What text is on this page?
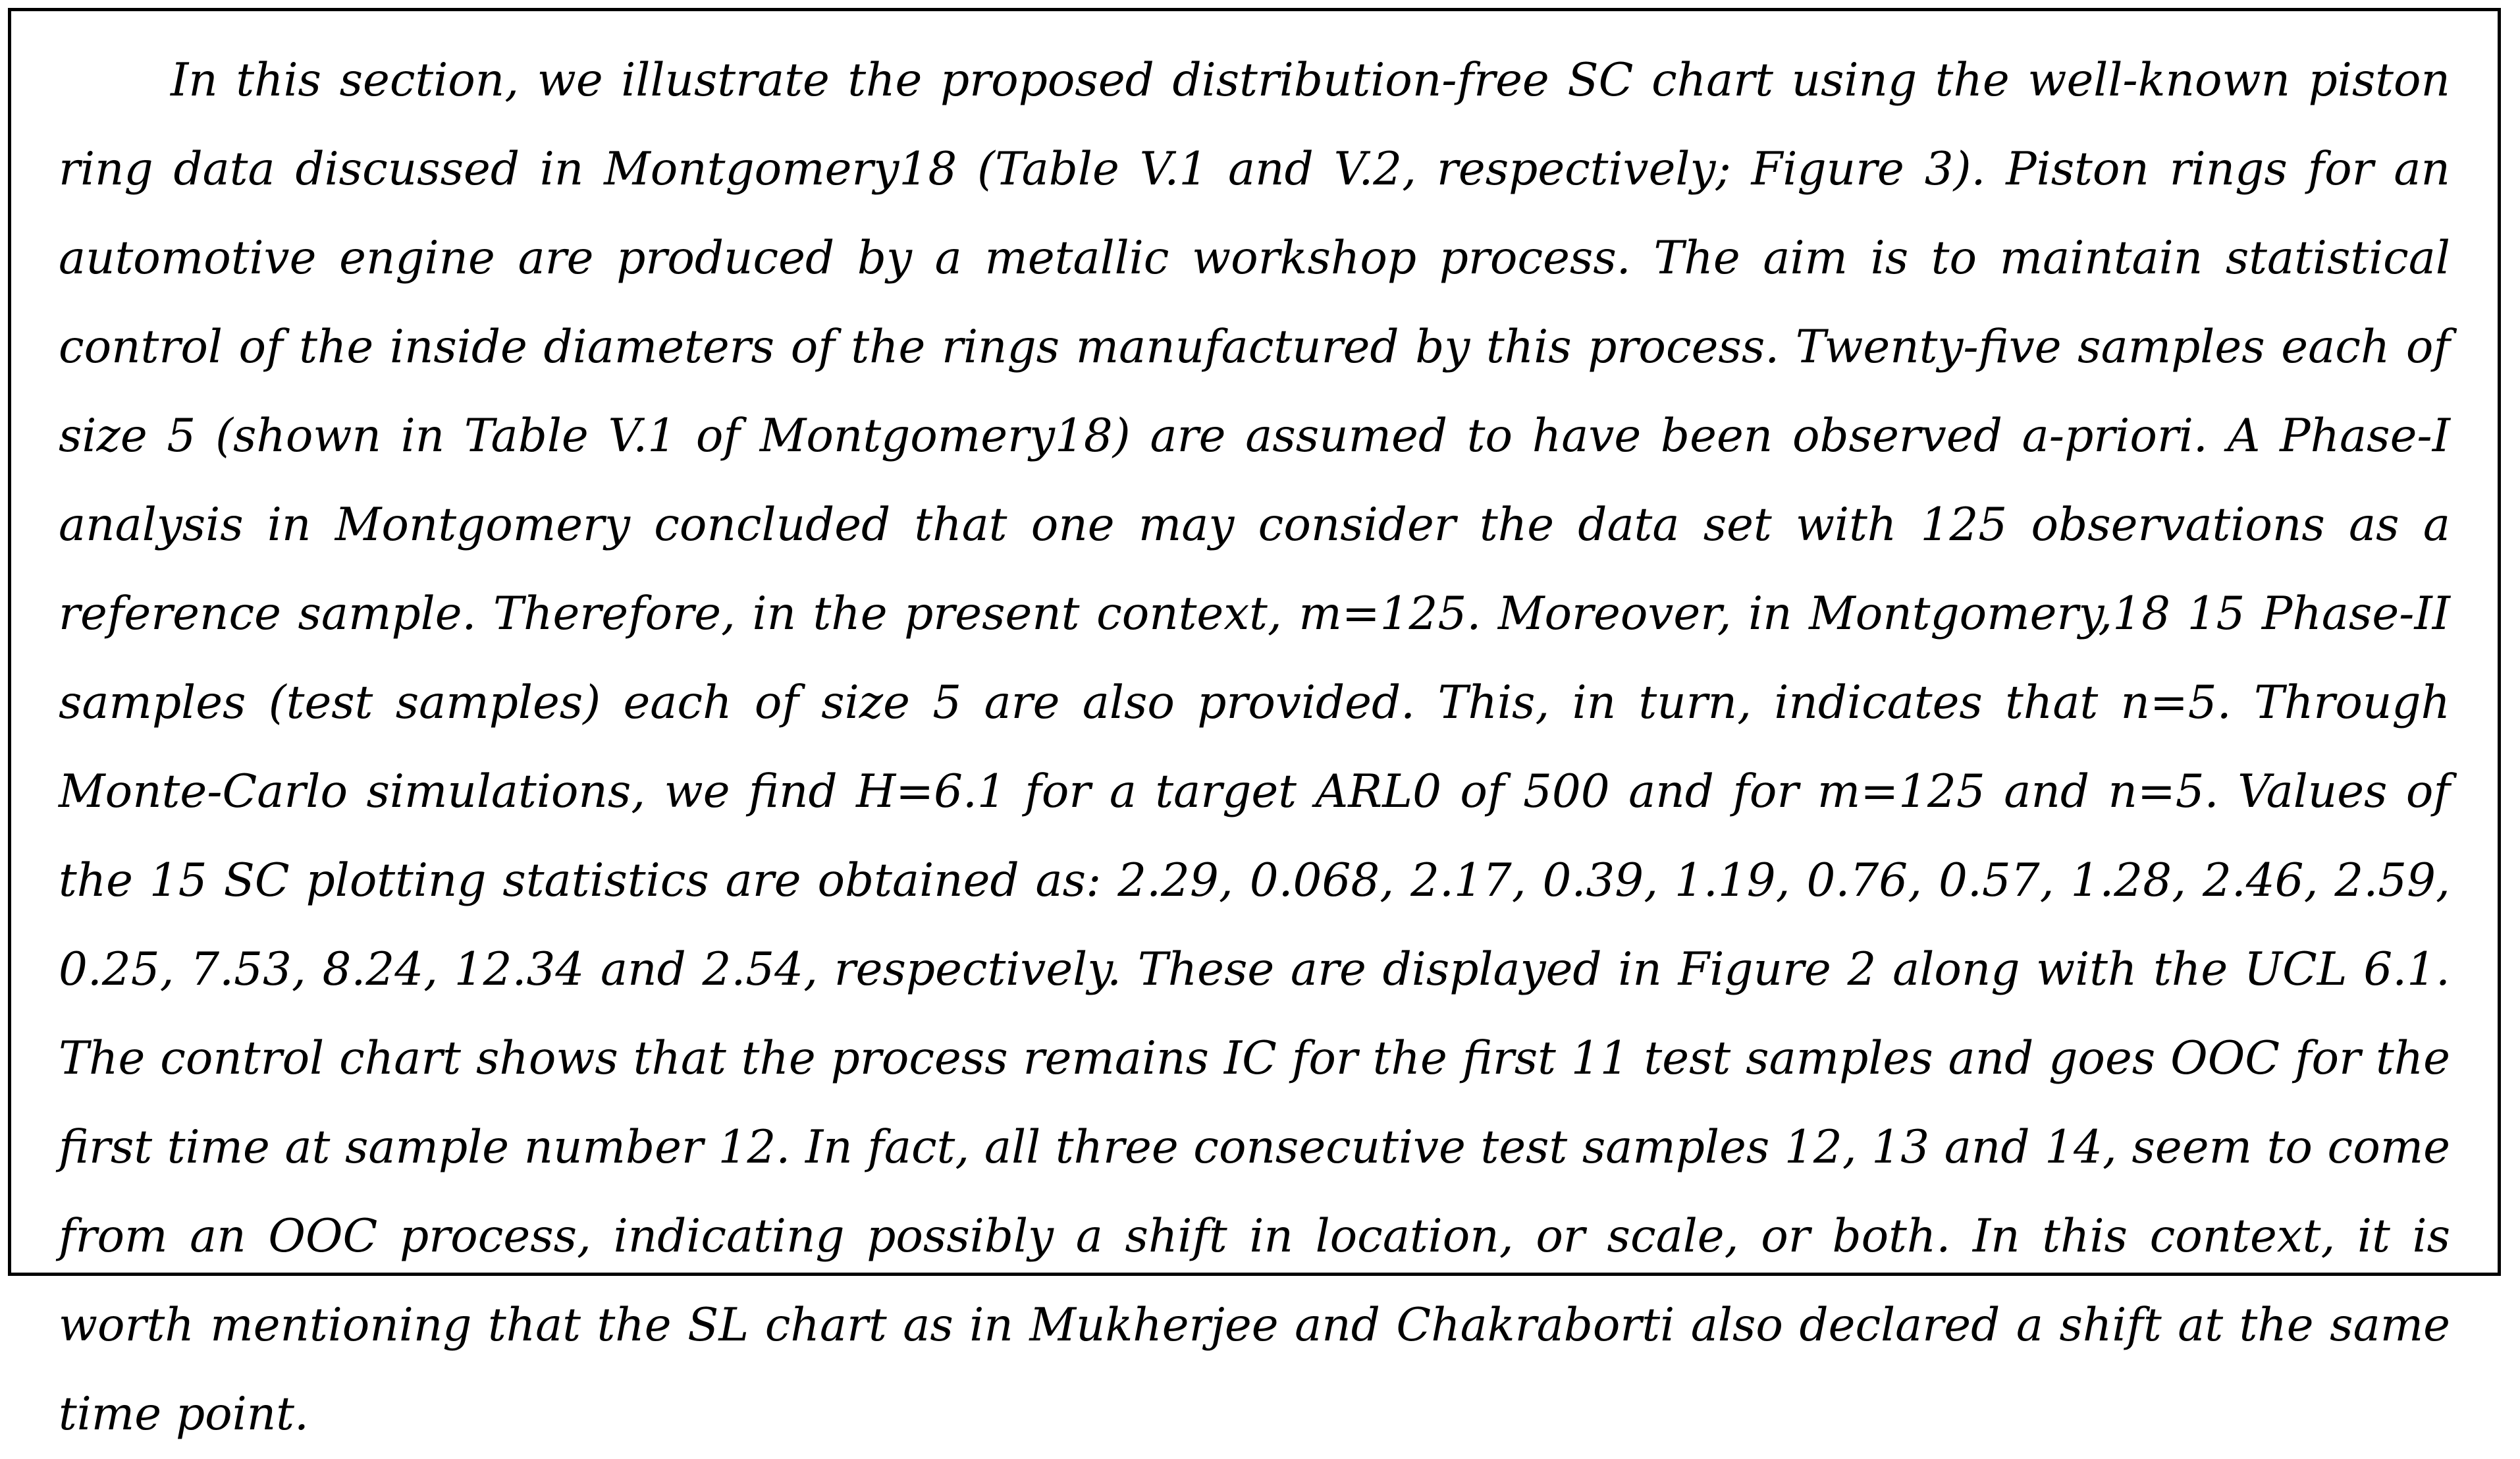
In this section, we illustrate the proposed distribution-free SC chart using the well-known piston ring data discussed in Montgomery18 (Table V.1 and V.2, respectively; Figure 3). Piston rings for an automotive engine are produced by a metallic workshop process. The aim is to maintain statistical control of the inside diameters of the rings manufactured by this process. Twenty-five samples each of size 5 (shown in Table V.1 of Montgomery18) are assumed to have been observed a-priori. A Phase-I analysis in Montgomery concluded that one may consider the data set with 125 observations as a reference sample. Therefore, in the present context, m=125. Moreover, in Montgomery,18 15 Phase-II samples (test samples) each of size 5 are also provided. This, in turn, indicates that n=5. Through Monte-Carlo simulations, we find H=6.1 for a target ARL0 of 500 and for m=125 and n=5. Values of the 15 SC plotting statistics are obtained as: 2.29, 0.068, 2.17, 0.39, 1.19, 0.76, 0.57, 1.28, 2.46, 2.59, 0.25, 7.53, 8.24, 12.34 and 2.54, respectively. These are displayed in Figure 2 along with the UCL 6.1. The control chart shows that the process remains IC for the first 11 test samples and goes OOC for the first time at sample number 12. In fact, all three consecutive test samples 12, 13 and 14, seem to come from an OOC process, indicating possibly a shift in location, or scale, or both. In this context, it is worth mentioning that the SL chart as in Mukherjee and Chakraborti also declared a shift at the same time point.
